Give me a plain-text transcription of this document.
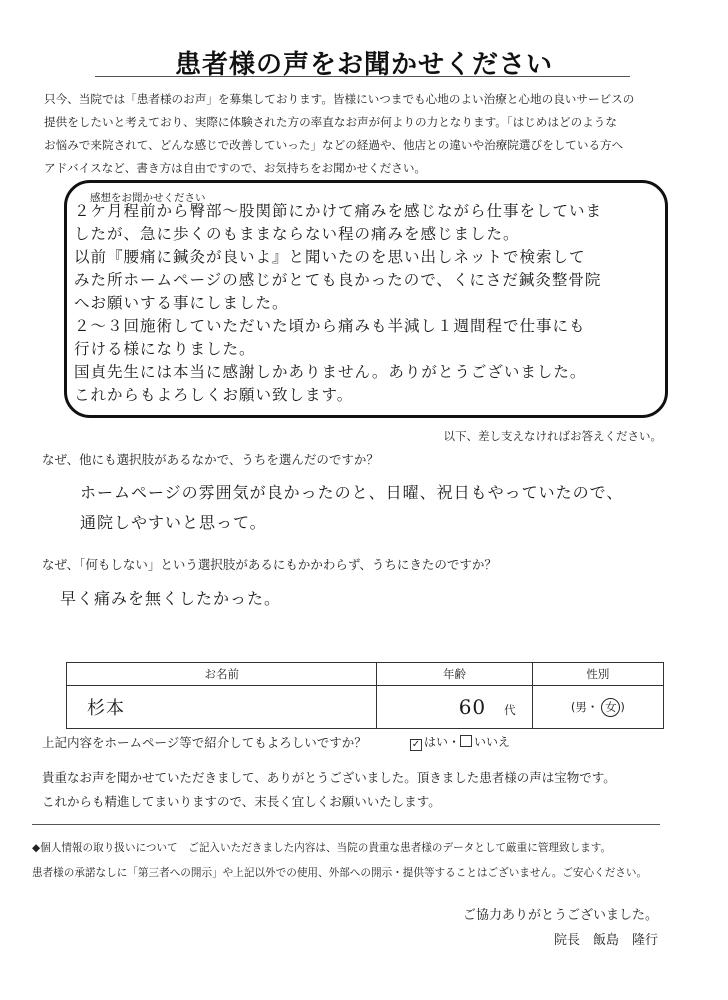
患者様の声をお聞かせください

只今、当院では「患者様のお声」を募集しております。皆様にいつまでも心地のよい治療と心地の良いサービスの

提供をしたいと考えており、実際に体験された方の率直なお声が何よりの力となります。「はじめはどのような

お悩みで来院されて、どんな感じで改善していった」などの経過や、他店との違いや治療院選びをしている方へ

アドバイスなど、書き方は自由ですので、お気持ちをお聞かせください。

感想をお聞かせください
２ケ月程前から臀部～股関節にかけて痛みを感じながら仕事をしていま
したが、急に歩くのもままならない程の痛みを感じました。
以前『腰痛に鍼灸が良いよ』と聞いたのを思い出しネットで検索して
みた所ホームページの感じがとても良かったので、くにさだ鍼灸整骨院
へお願いする事にしました。
２～３回施術していただいた頃から痛みも半減し１週間程で仕事にも
行ける様になりました。
国貞先生には本当に感謝しかありません。ありがとうございました。
これからもよろしくお願い致します。
以下、差し支えなければお答えください。
なぜ、他にも選択肢があるなかで、うちを選んだのですか？
ホームページの雰囲気が良かったのと、日曜、祝日もやっていたので、
通院しやすいと思って。
なぜ、「何もしない」という選択肢があるにもかかわらず、うちにきたのですか？
早く痛みを無くしたかった。
お名前	年齢	性別
杉本	60 代	(男・ 女 )
上記内容をホームページ等で紹介してもよろしいですか？	✓ はい・ いいえ

貴重なお声を聞かせていただきまして、ありがとうございました。頂きました患者様の声は宝物です。

これからも精進してまいりますので、末長く宜しくお願いいたします。

◆個人情報の取り扱いについて　ご記入いただきました内容は、当院の貴重な患者様のデータとして厳重に管理致します。

患者様の承諾なしに「第三者への開示」や上記以外での使用、外部への開示・提供等することはございません。ご安心ください。

ご協力ありがとうございました。

院長　飯島　隆行
